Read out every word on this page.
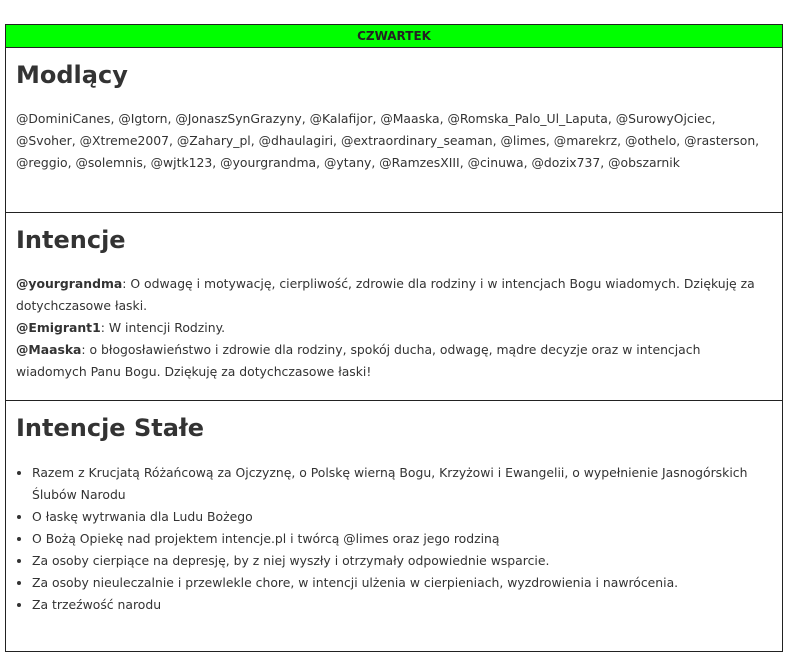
CZWARTEK
Modlący
@DominiCanes, @Igtorn, @JonaszSynGrazyny, @Kalafijor, @Maaska, @Romska_Palo_Ul_Laputa, @SurowyOjciec, @Svoher, @Xtreme2007, @Zahary_pl, @dhaulagiri, @extraordinary_seaman, @limes, @marekrz, @othelo, @rasterson, @reggio, @solemnis, @wjtk123, @yourgrandma, @ytany, @RamzesXIII, @cinuwa, @dozix737, @obszarnik
Intencje

@yourgrandma: O odwagę i motywację, cierpliwość, zdrowie dla rodziny i w intencjach Bogu wiadomych. Dziękuję za dotychczasowe łaski.

@Emigrant1: W intencji Rodziny.

@Maaska: o błogosławieństwo i zdrowie dla rodziny, spokój ducha, odwagę, mądre decyzje oraz w intencjach wiadomych Panu Bogu. Dziękuję za dotychczasowe łaski!

Intencje Stałe
• Razem z Krucjatą Różańcową za Ojczyznę, o Polskę wierną Bogu, Krzyżowi i Ewangelii, o wypełnienie Jasnogórskich Ślubów Narodu
• O łaskę wytrwania dla Ludu Bożego
• O Bożą Opiekę nad projektem intencje.pl i twórcą @limes oraz jego rodziną
• Za osoby cierpiące na depresję, by z niej wyszły i otrzymały odpowiednie wsparcie.
• Za osoby nieuleczalnie i przewlekle chore, w intencji ulżenia w cierpieniach, wyzdrowienia i nawrócenia.
• Za trzeźwość narodu
